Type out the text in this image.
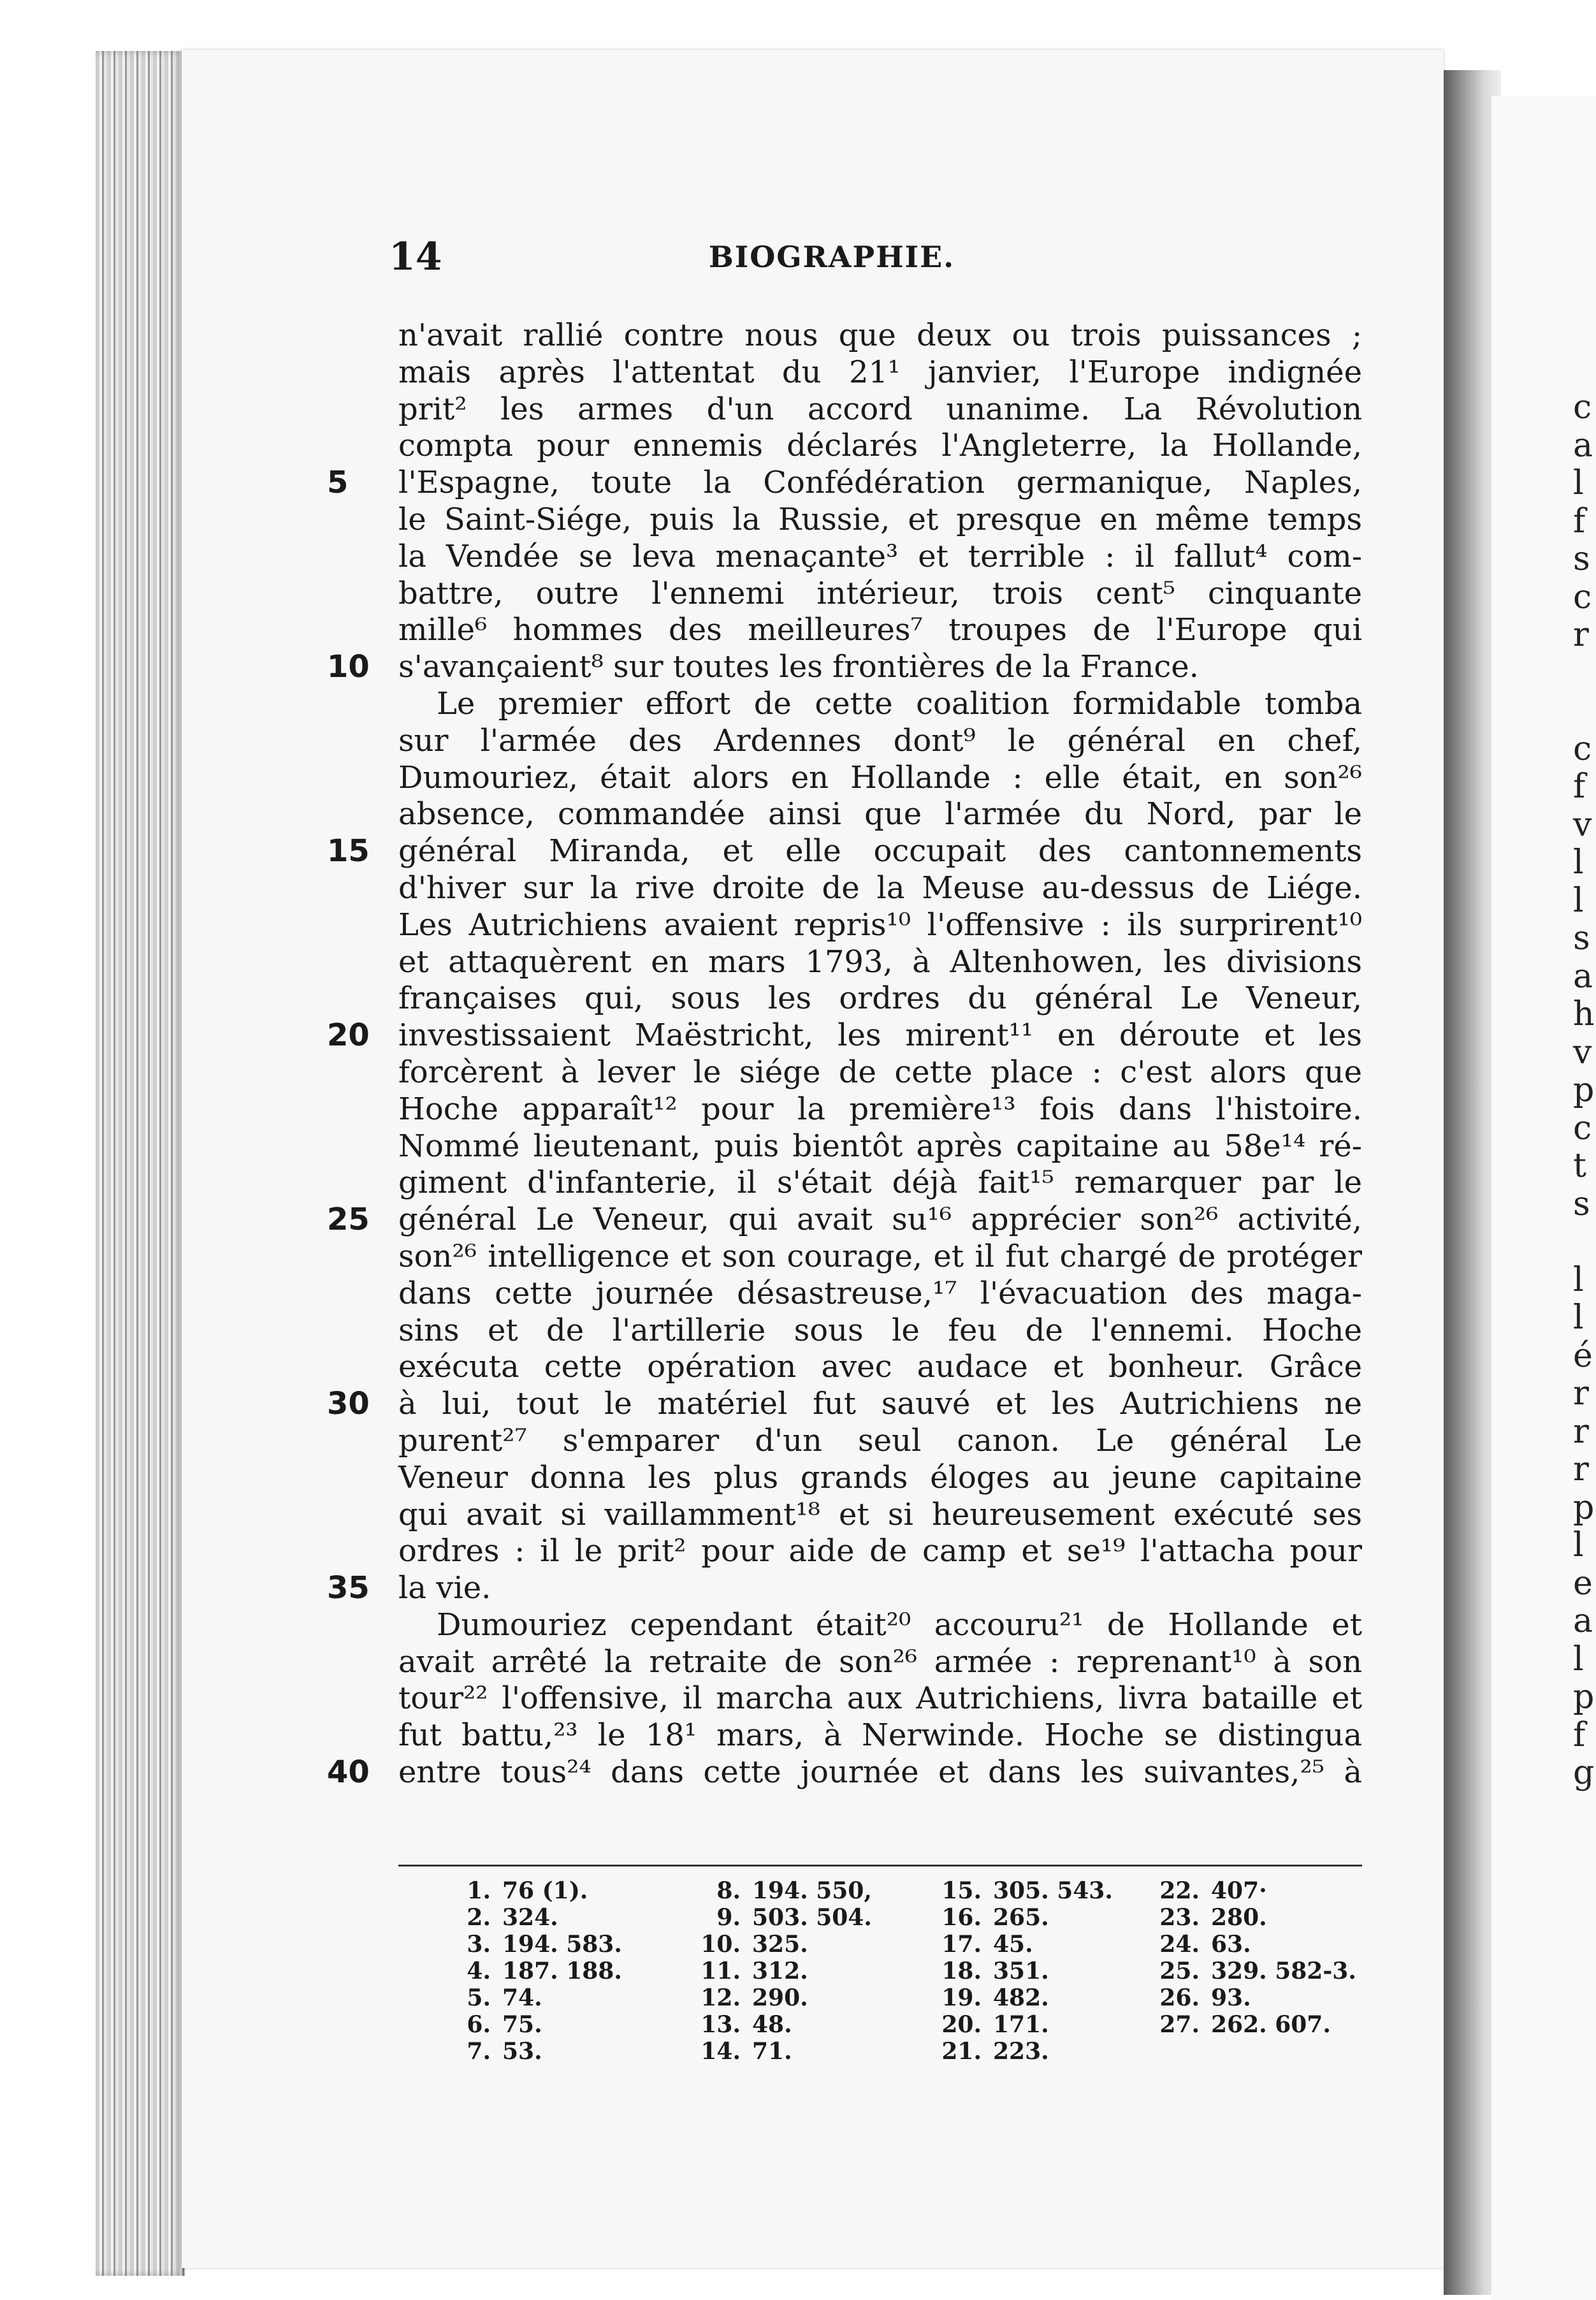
c
a
l
f
s
c
r
c
f
v
l
l
s
a
h
v
p
c
t
s
l
l
é
r
r
r
p
l
e
a
l
p
f
g
14	BIOGRAPHIE.
n'avait rallié contre nous que deux ou trois puissances ;
mais après l'attentat du 21¹ janvier, l'Europe indignée
prit² les armes d'un accord unanime. La Révolution
compta pour ennemis déclarés l'Angleterre, la Hollande,
5	l'Espagne, toute la Confédération germanique, Naples,
le Saint-Siége, puis la Russie, et presque en même temps
la Vendée se leva menaçante³ et terrible : il fallut⁴ com-
battre, outre l'ennemi intérieur, trois cent⁵ cinquante
mille⁶ hommes des meilleures⁷ troupes de l'Europe qui
10 s'avançaient⁸ sur toutes les frontières de la France.
Le premier effort de cette coalition formidable tomba
sur l'armée des Ardennes dont⁹ le général en chef,
Dumouriez, était alors en Hollande : elle était, en son²⁶
absence, commandée ainsi que l'armée du Nord, par le
15 général Miranda, et elle occupait des cantonnements
d'hiver sur la rive droite de la Meuse au-dessus de Liége.
Les Autrichiens avaient repris¹⁰ l'offensive : ils surprirent¹⁰
et attaquèrent en mars 1793, à Altenhowen, les divisions
françaises qui, sous les ordres du général Le Veneur,
20 investissaient Maëstricht, les mirent¹¹ en déroute et les
forcèrent à lever le siége de cette place : c'est alors que
Hoche apparaît¹² pour la première¹³ fois dans l'histoire.
Nommé lieutenant, puis bientôt après capitaine au 58e¹⁴ ré-
giment d'infanterie, il s'était déjà fait¹⁵ remarquer par le
25 général Le Veneur, qui avait su¹⁶ apprécier son²⁶ activité,
son²⁶ intelligence et son courage, et il fut chargé de protéger
dans cette journée désastreuse,¹⁷ l'évacuation des maga-
sins et de l'artillerie sous le feu de l'ennemi. Hoche
exécuta cette opération avec audace et bonheur. Grâce
30 à lui, tout le matériel fut sauvé et les Autrichiens ne
purent²⁷ s'emparer d'un seul canon. Le général Le
Veneur donna les plus grands éloges au jeune capitaine
qui avait si vaillamment¹⁸ et si heureusement exécuté ses
ordres : il le prit² pour aide de camp et se¹⁹ l'attacha pour
35 la vie.
Dumouriez cependant était²⁰ accouru²¹ de Hollande et
avait arrêté la retraite de son²⁶ armée : reprenant¹⁰ à son
tour²² l'offensive, il marcha aux Autrichiens, livra bataille et
fut battu,²³ le 18¹ mars, à Nerwinde. Hoche se distingua
40 entre tous²⁴ dans cette journée et dans les suivantes,²⁵ à
1. 76 (1).
2. 324.
3. 194. 583.
4. 187. 188.
5. 74.
6. 75.
7. 53.
8. 194. 550,
9. 503. 504.
10. 325.
11. 312.
12. 290.
13. 48.
14. 71.
15. 305. 543.
16. 265.
17. 45.
18. 351.
19. 482.
20. 171.
21. 223.
22. 407·
23. 280.
24. 63.
25. 329. 582-3.
26. 93.
27. 262. 607.
